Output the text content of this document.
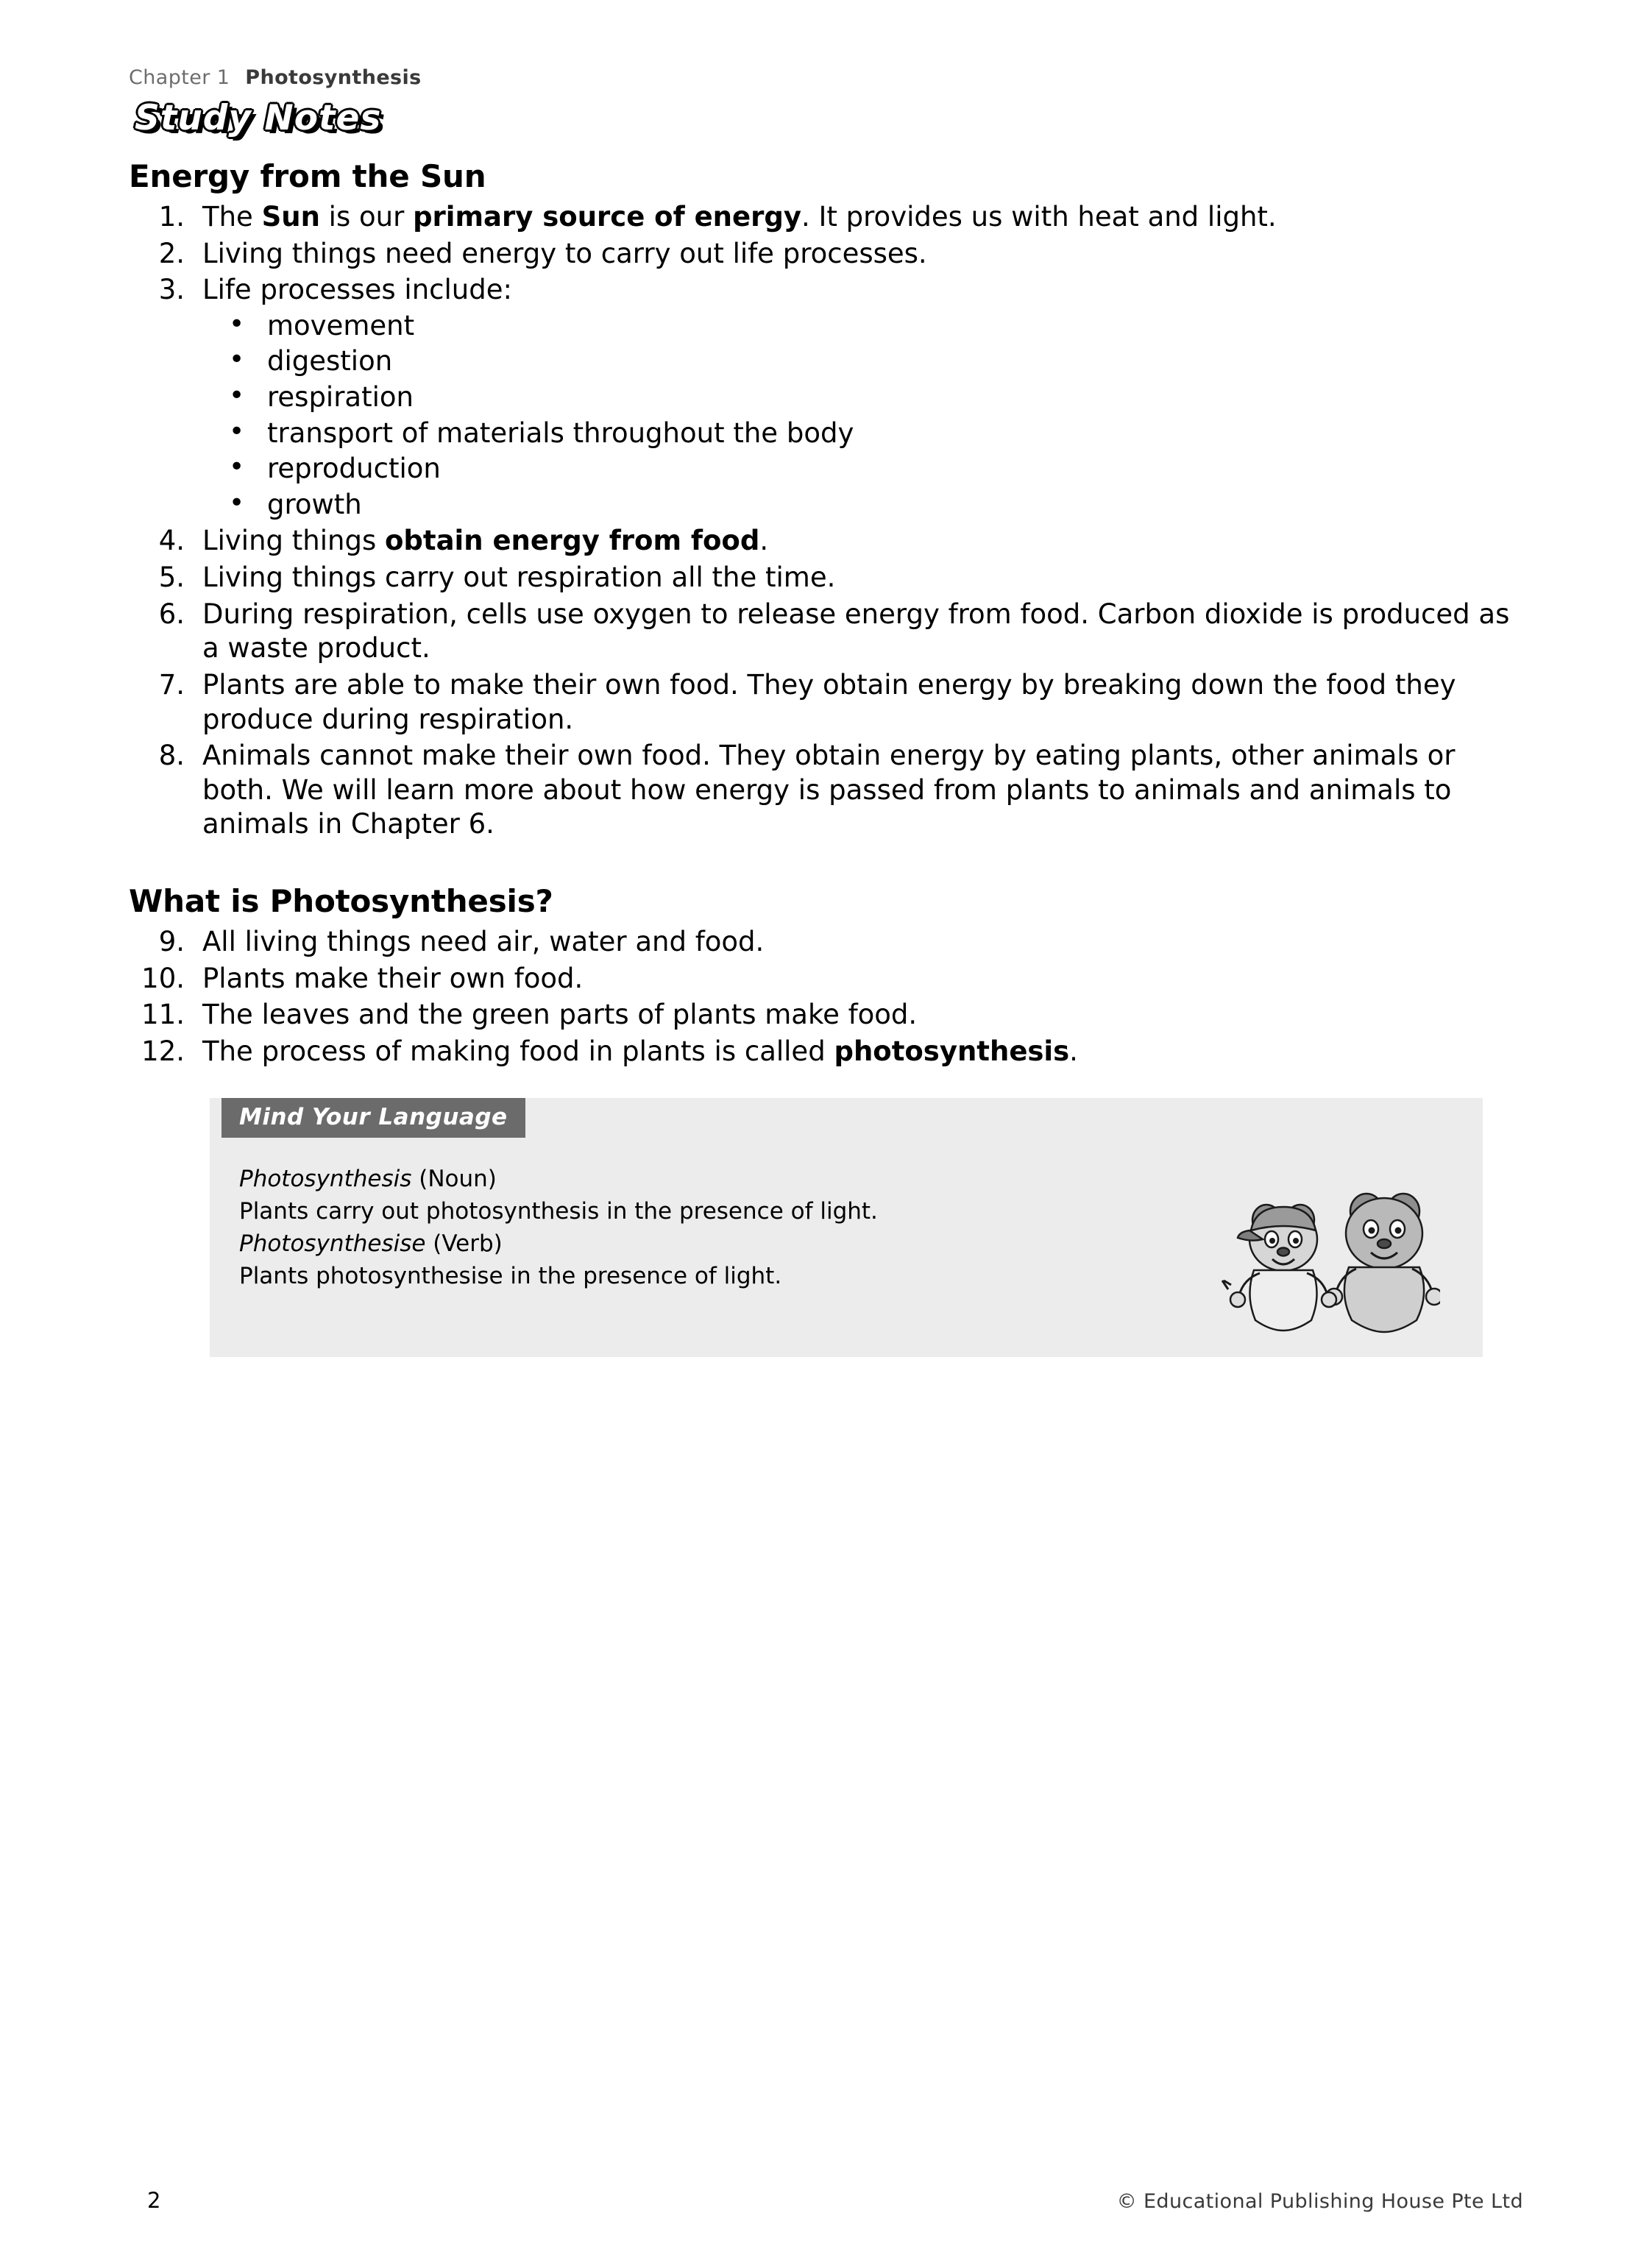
Chapter 1 Photosynthesis
Study Notes
Energy from the Sun
1. The Sun is our primary source of energy. It provides us with heat and light.
2. Living things need energy to carry out life processes.
3. Life processes include:
• movement
• digestion
• respiration
• transport of materials throughout the body
• reproduction
• growth
4. Living things obtain energy from food.
5. Living things carry out respiration all the time.
6. During respiration, cells use oxygen to release energy from food. Carbon dioxide is produced as a waste product.
7. Plants are able to make their own food. They obtain energy by breaking down the food they produce during respiration.
8. Animals cannot make their own food. They obtain energy by eating plants, other animals or both. We will learn more about how energy is passed from plants to animals and animals to animals in Chapter 6.
What is Photosynthesis?
9. All living things need air, water and food.
10. Plants make their own food.
11. The leaves and the green parts of plants make food.
12. The process of making food in plants is called photosynthesis.
Mind Your Language
Photosynthesis (Noun)
Plants carry out photosynthesis in the presence of light.
Photosynthesise (Verb)
Plants photosynthesise in the presence of light.
2	© Educational Publishing House Pte Ltd
